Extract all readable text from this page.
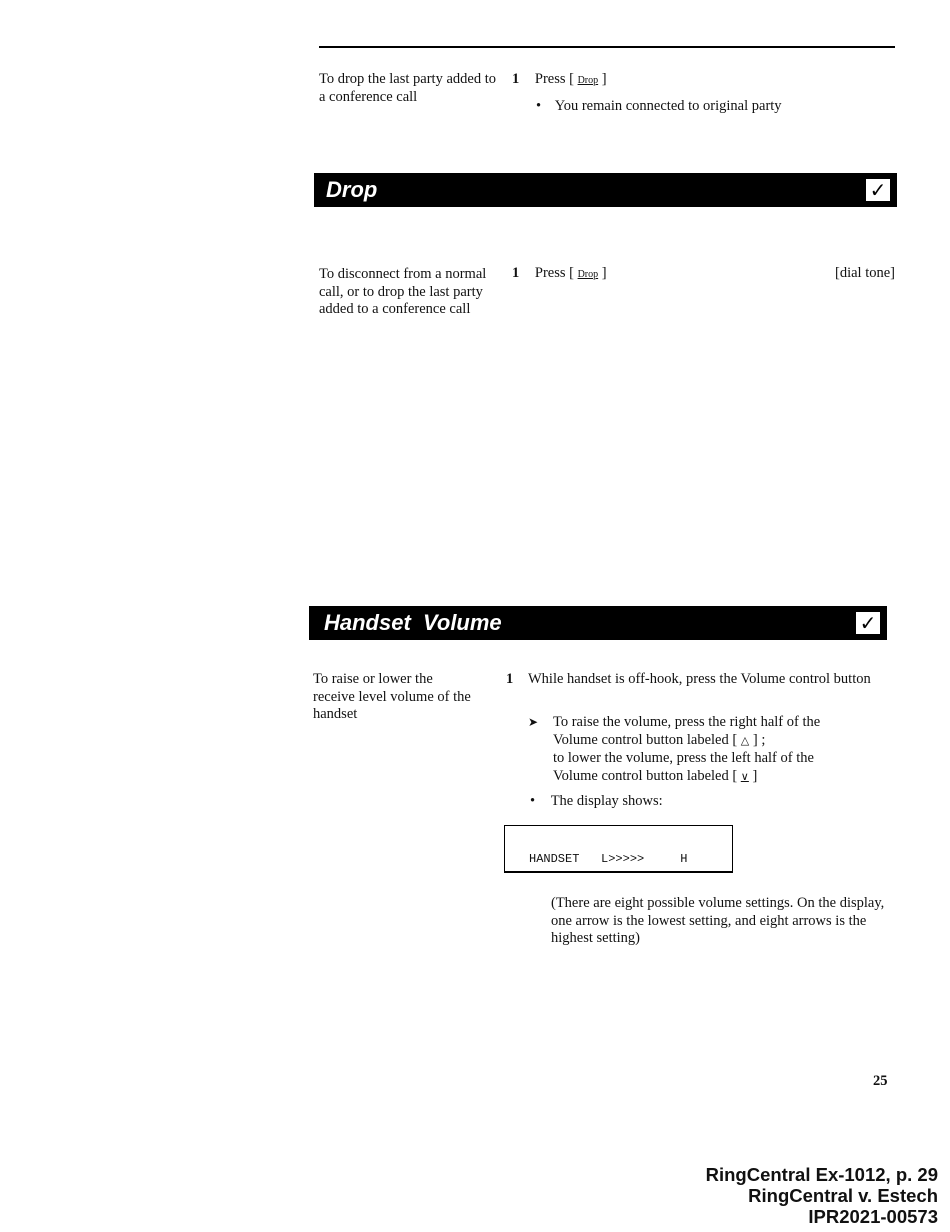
To drop the last party added to a conference call
1 Press [ Drop ]
• You remain connected to original party
Drop	✓
To disconnect from a normal call, or to drop the last party added to a conference call
1 Press [ Drop ]	[dial tone]
Handset  Volume	✓
To raise or lower the receive level volume of the handset
1 While handset is off-hook, press the Volume control button
➤ To raise the volume, press the right half of the
Volume control button labeled [ △ ] ;
to lower the volume, press the left half of the
Volume control button labeled [ ∨ ]
• The display shows:
HANDSET   L>>>>>     H
(There are eight possible volume settings. On the display, one arrow is the lowest setting, and eight arrows is the highest setting)
25
RingCentral Ex-1012, p. 29
RingCentral v. Estech
IPR2021-00573
